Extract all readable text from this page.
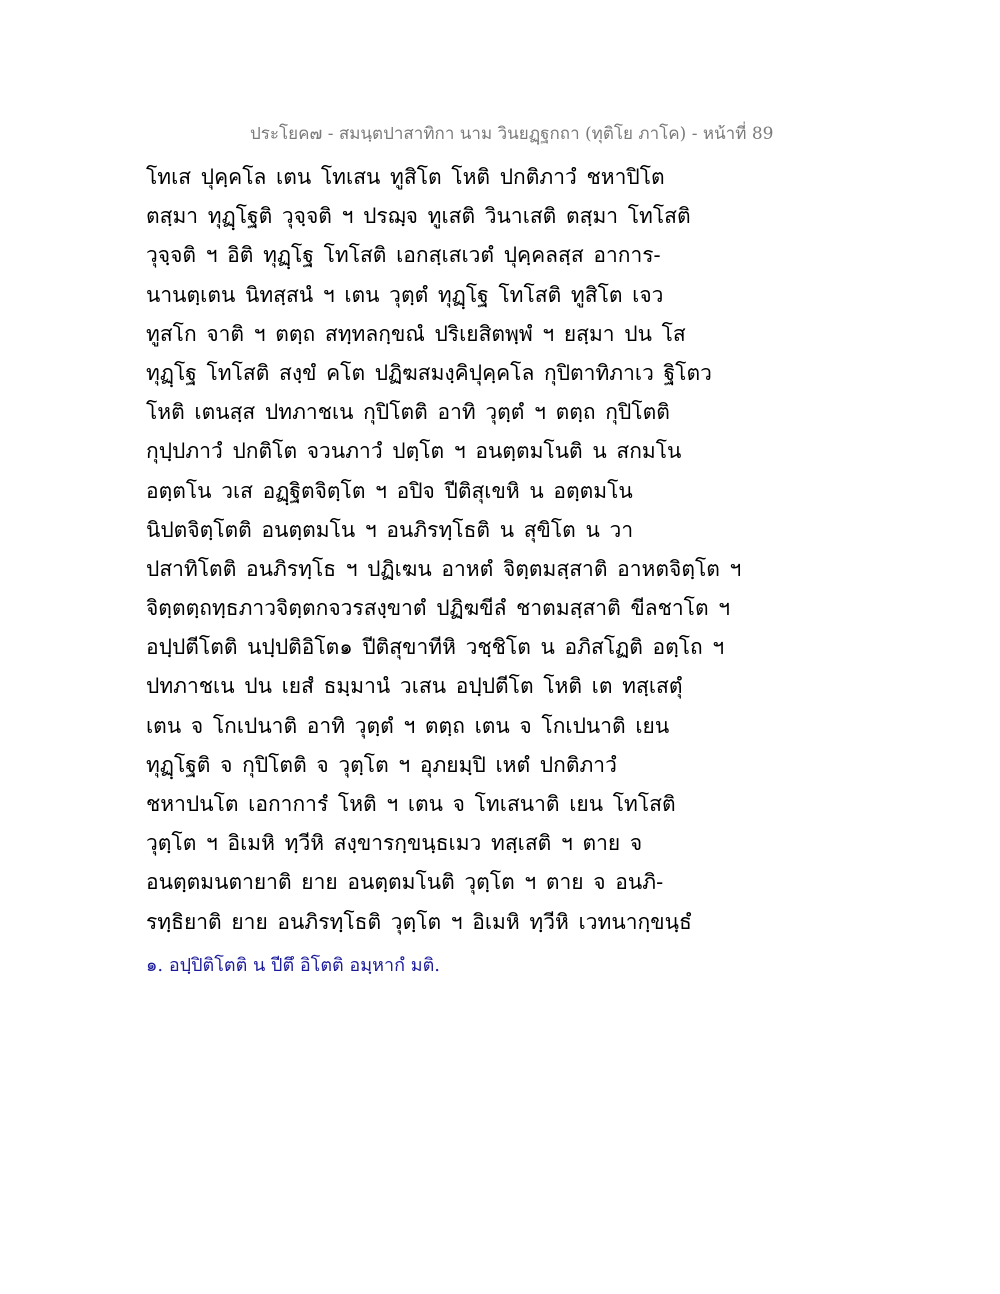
ประโยค๗ - สมนฺตปาสาทิกา นาม วินยฏฺฐกถา (ทุติโย ภาโค) - หน้าที่ 89
โทเส ปุคฺคโล เตน โทเสน ทูสิโต โหติ ปกติภาวํ ชหาปิโต
ตสฺมา ทุฏฺโฐติ วุจฺจติ ฯ ปรฌฺจ ทูเสติ วินาเสติ ตสฺมา โทโสติ
วุจฺจติ ฯ อิติ ทุฏฺโฐ โทโสติ เอกสฺเสเวตํ ปุคฺคลสฺส อาการ-
นานตฺเตน นิทสฺสนํ ฯ เตน วุตฺตํ ทุฏฺโฐ โทโสติ ทูสิโต เจว
ทูสโก จาติ ฯ ตตฺถ สทฺทลกฺขณํ ปริเยสิตพฺพํ ฯ ยสฺมา ปน โส
ทุฏฺโฐ โทโสติ สงฺขํ คโต ปฏิฆสมงฺคิปุคฺคโล กุปิตาทิภาเว ฐิโตว
โหติ เตนสฺส ปทภาชเน กุปิโตติ อาทิ วุตฺตํ ฯ ตตฺถ กุปิโตติ
กุปฺปภาวํ ปกติโต จวนภาวํ ปตฺโต ฯ อนตฺตมโนติ น สกมโน
อตฺตโน วเส อฏฺฐิตจิตฺโต ฯ อปิจ ปีติสุเขหิ น อตฺตมโน
นิปตจิตฺโตติ อนตฺตมโน ฯ อนภิรทฺโธติ น สุขิโต น วา
ปสาทิโตติ อนภิรทฺโธ ฯ ปฏิเฆน อาหตํ จิตฺตมสฺสาติ อาหตจิตฺโต ฯ
จิตฺตตฺถทฺธภาวจิตฺตกจวรสงฺขาตํ ปฏิฆขีลํ ชาตมสฺสาติ ขีลชาโต ฯ
อปฺปตีโตติ นปฺปติอิโต๑ ปีติสุขาทีหิ วชฺชิโต น อภิสโฏติ อตฺโถ ฯ
ปทภาชเน ปน เยสํ ธมฺมานํ วเสน อปฺปตีโต โหติ เต ทสฺเสตุํ
เตน จ โกเปนาติ อาทิ วุตฺตํ ฯ ตตฺถ เตน จ โกเปนาติ เยน
ทุฏฺโฐติ จ กุปิโตติ จ วุตฺโต ฯ อุภยมฺปิ เหตํ ปกติภาวํ
ชหาปนโต เอกาการํ โหติ ฯ เตน จ โทเสนาติ เยน โทโสติ
วุตฺโต ฯ อิเมหิ ทฺวีหิ สงฺขารกฺขนฺธเมว ทสฺเสติ ฯ ตาย จ
อนตฺตมนตายาติ ยาย อนตฺตมโนติ วุตฺโต ฯ ตาย จ อนภิ-
รทฺธิยาติ ยาย อนภิรทฺโธติ วุตฺโต ฯ อิเมหิ ทฺวีหิ เวทนากฺขนฺธํ
๑. อปฺปิติโตติ น ปีตึ อิโตติ อมฺหากํ มติ.
